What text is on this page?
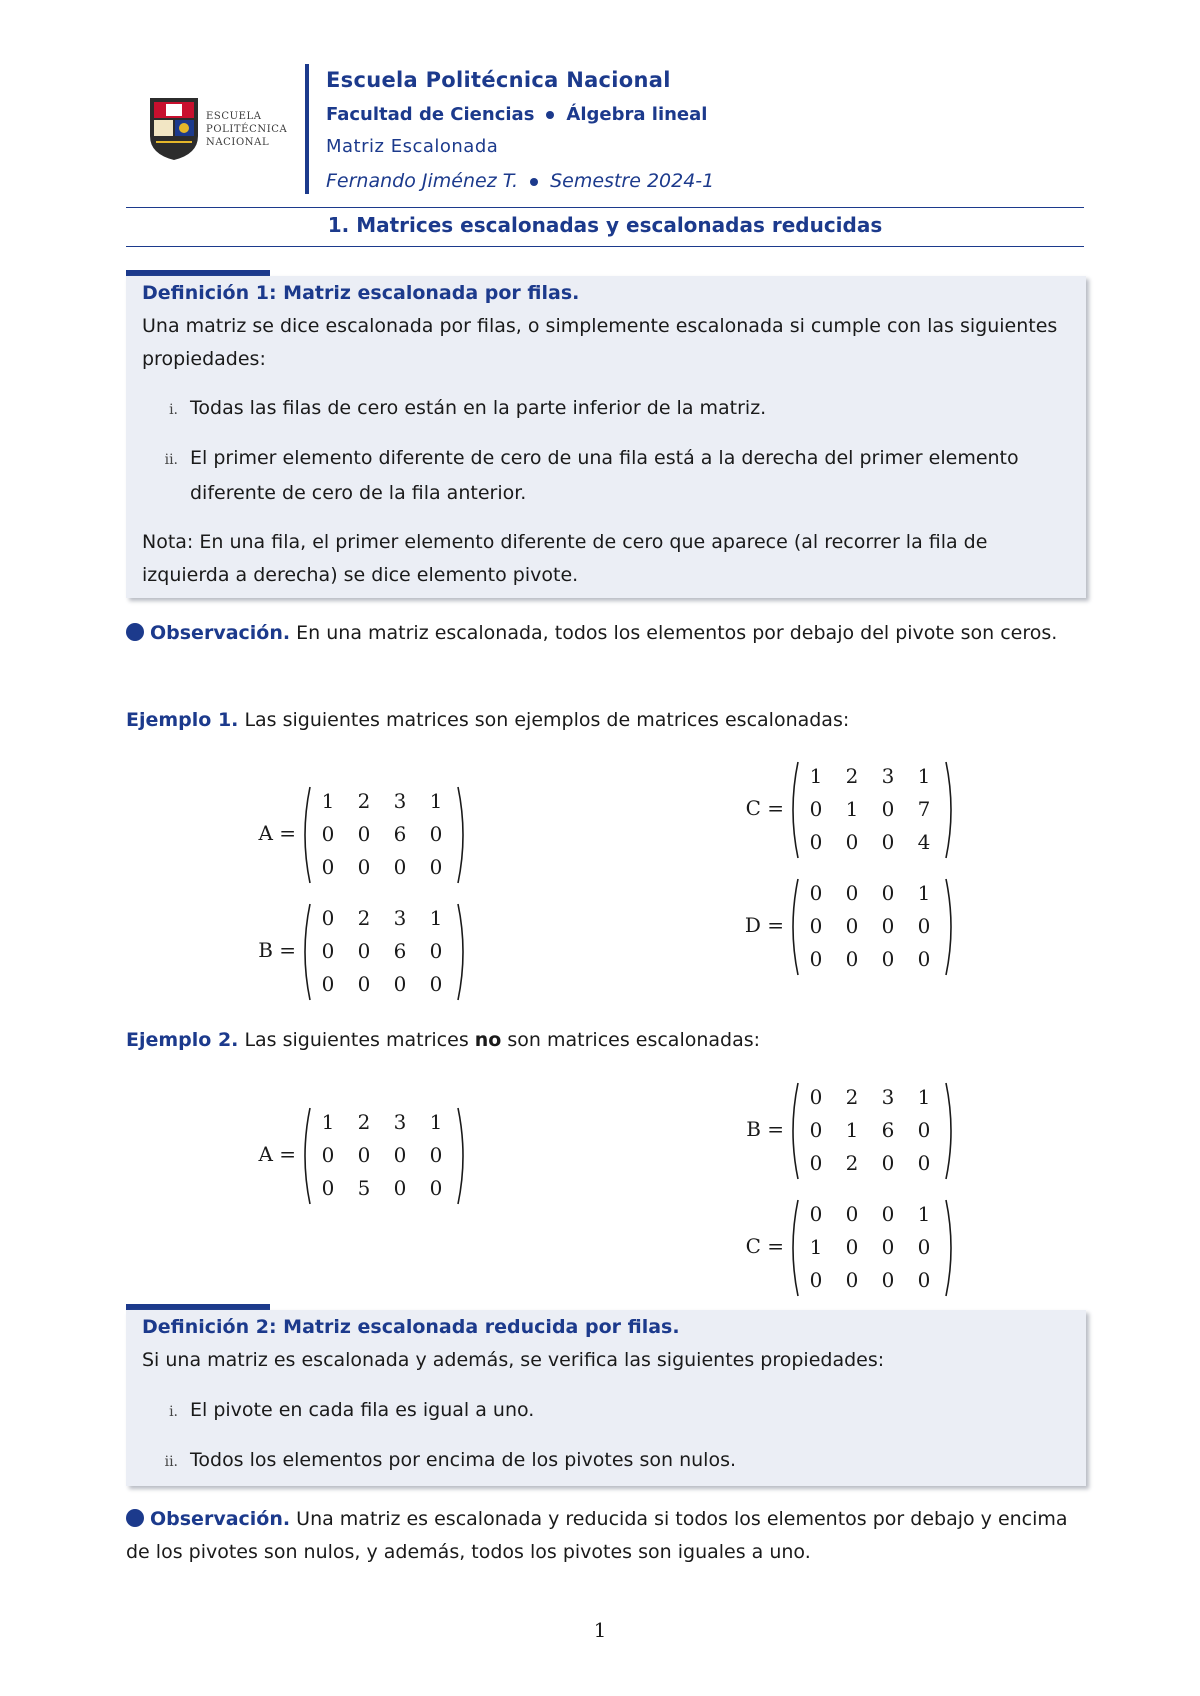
ESCUELA
POLITÉCNICA
NACIONAL
Escuela Politécnica Nacional
Facultad de Ciencias Álgebra lineal
Matriz Escalonada
Fernando Jiménez T. Semestre 2024-1
1. Matrices escalonadas y escalonadas reducidas
Definición 1: Matriz escalonada por filas.
Una matriz se dice escalonada por filas, o simplemente escalonada si cumple con las siguientes propiedades:
i. Todas las filas de cero están en la parte inferior de la matriz.
ii. El primer elemento diferente de cero de una fila está a la derecha del primer elemento diferente de cero de la fila anterior.
Nota: En una fila, el primer elemento diferente de cero que aparece (al recorrer la fila de izquierda a derecha) se dice elemento pivote.
Observación. En una matriz escalonada, todos los elementos por debajo del pivote son ceros.
Ejemplo 1. Las siguientes matrices son ejemplos de matrices escalonadas:
A =
1	2	3	1
0	0	6	0
0	0	0	0
B =
0	2	3	1
0	0	6	0
0	0	0	0
C =
1	2	3	1
0	1	0	7
0	0	0	4
D =
0	0	0	1
0	0	0	0
0	0	0	0
Ejemplo 2. Las siguientes matrices no son matrices escalonadas:
A =
1	2	3	1
0	0	0	0
0	5	0	0
B =
0	2	3	1
0	1	6	0
0	2	0	0
C =
0	0	0	1
1	0	0	0
0	0	0	0
Definición 2: Matriz escalonada reducida por filas.
Si una matriz es escalonada y además, se verifica las siguientes propiedades:
i. El pivote en cada fila es igual a uno.
ii. Todos los elementos por encima de los pivotes son nulos.
Observación. Una matriz es escalonada y reducida si todos los elementos por debajo y encima de los pivotes son nulos, y además, todos los pivotes son iguales a uno.
1
